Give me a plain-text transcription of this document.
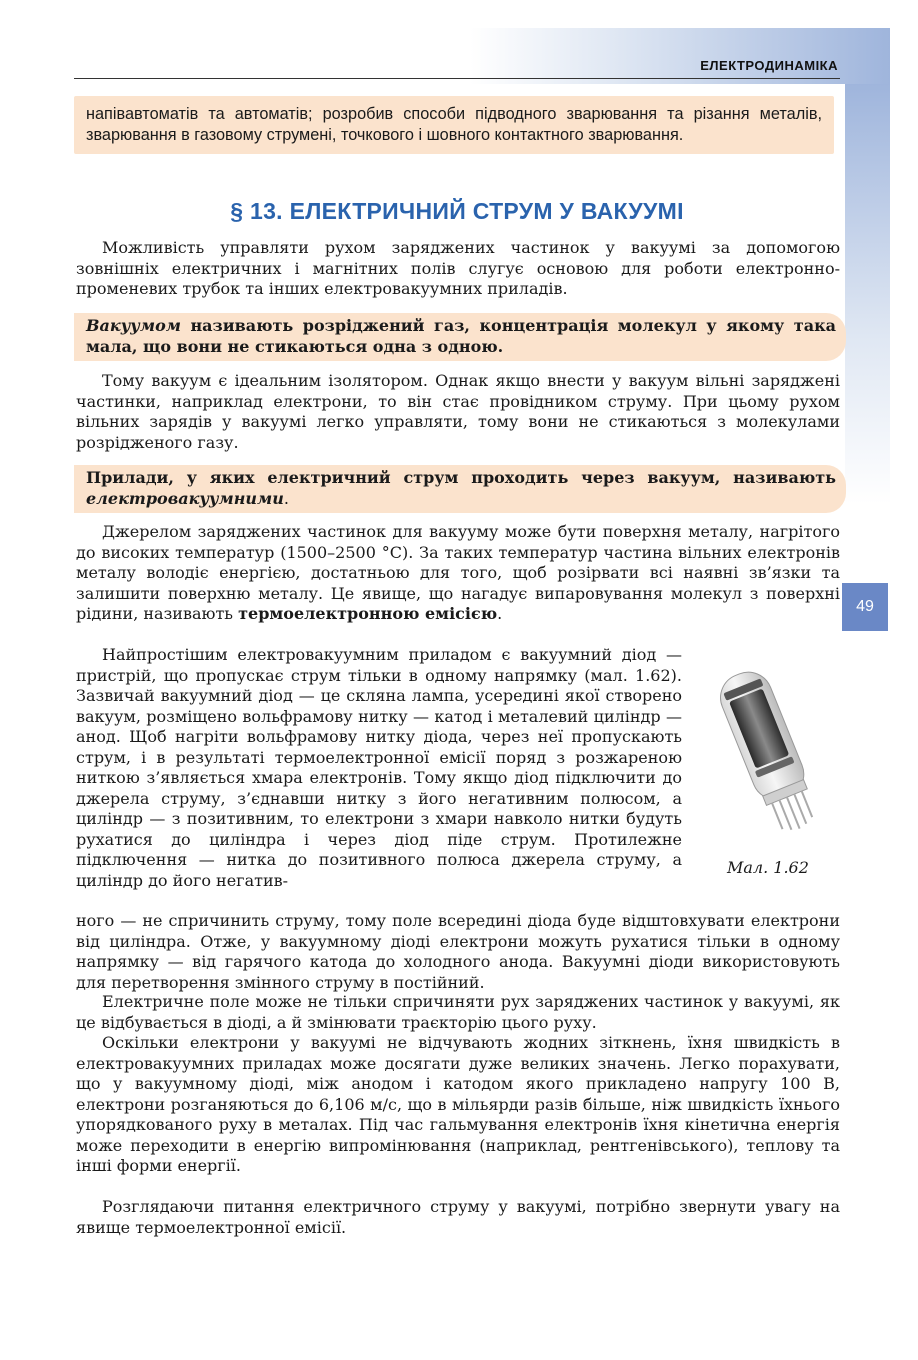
ЕЛЕКТРОДИНАМІКА
49
напівавтоматів та автоматів; розробив способи підводного зварювання та різання металів, зварювання в газовому струмені, точкового і шовного контактного зварювання.
§ 13. ЕЛЕКТРИЧНИЙ СТРУМ У ВАКУУМІ

Можливість управляти рухом заряджених частинок у вакуумі за допомогою зовнішніх електричних і магнітних полів слугує основою для роботи електронно-променевих трубок та інших електровакуумних приладів.

Вакуумом називають розріджений газ, концентрація молекул у якому така мала, що вони не стикаються одна з одною.

Тому вакуум є ідеальним ізолятором. Однак якщо внести у вакуум вільні заряджені частинки, наприклад електрони, то він стає провідником струму. При цьому рухом вільних зарядів у вакуумі легко управляти, тому вони не стикаються з молекулами розрідженого газу.

Прилади, у яких електричний струм проходить через вакуум, називають електровакуумними.

Джерелом заряджених частинок для вакууму може бути поверхня металу, нагрітого до високих температур (1500–2500 °С). За таких температур частина вільних електронів металу володіє енергією, достатньою для того, щоб розірвати всі наявні зв’язки та залишити поверхню металу. Це явище, що нагадує випаровування молекул з поверхні рідини, називають термоелектронною емісією.

Найпростішим електровакуумним приладом є вакуумний діод — пристрій, що пропускає струм тільки в одному напрямку (мал. 1.62). Зазвичай вакуумний діод — це скляна лампа, усередині якої створено вакуум, розміщено вольфрамову нитку — катод і металевий циліндр — анод. Щоб нагріти вольфрамову нитку діода, через неї пропускають струм, і в результаті термоелектронної емісії поряд з розжареною ниткою з’являється хмара електронів. Тому якщо діод підключити до джерела струму, з’єднавши нитку з його негативним полюсом, а циліндр — з позитивним, то електрони з хмари навколо нитки будуть рухатися до циліндра і через діод піде струм. Протилежне підключення — нитка до позитивного полюса джерела струму, а циліндр до його негатив-

ного — не спричинить струму, тому поле всередині діода буде відштовхувати електрони від циліндра. Отже, у вакуумному діоді електрони можуть рухатися тільки в одному напрямку — від гарячого катода до холодного анода. Вакуумні діоди використовують для перетворення змінного струму в постійний.

Мал. 1.62

Електричне поле може не тільки спричиняти рух заряджених частинок у вакуумі, як це відбувається в діоді, а й змінювати траєкторію цього руху.

Оскільки електрони у вакуумі не відчувають жодних зіткнень, їхня швидкість в електровакуумних приладах може досягати дуже великих значень. Легко порахувати, що у вакуумному діоді, між анодом і катодом якого прикладено напругу 100 В, електрони розганяються до 6,106 м/с, що в мільярди разів більше, ніж швидкість їхнього упорядкованого руху в металах. Під час гальмування електронів їхня кінетична енергія може переходити в енергію випромінювання (наприклад, рентгенівського), теплову та інші форми енергії.

Розглядаючи питання електричного струму у вакуумі, потрібно звернути увагу на явище термоелектронної емісії.
